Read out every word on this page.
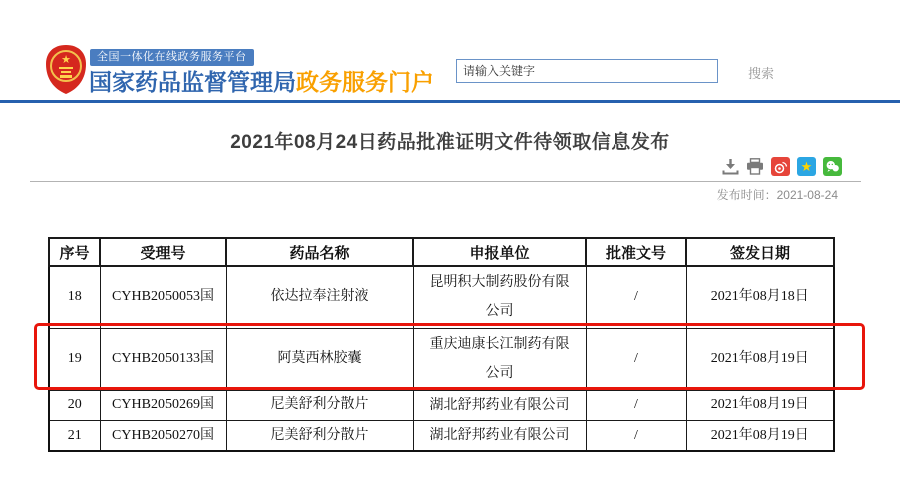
★	全国一体化在线政务服务平台
国家药品监督管理局政务服务门户
请输入关键字	搜索
2021年08月24日药品批准证明文件待领取信息发布
★
发布时间：2021-08-24
序号	受理号	药品名称	申报单位	批准文号	签发日期
18	CYHB2050053国	依达拉奉注射液	昆明积大制药股份有限公司	/	2021年08月18日
19	CYHB2050133国	阿莫西林胶囊	重庆迪康长江制药有限公司	/	2021年08月19日
20	CYHB2050269国	尼美舒利分散片	湖北舒邦药业有限公司	/	2021年08月19日
21	CYHB2050270国	尼美舒利分散片	湖北舒邦药业有限公司	/	2021年08月19日
